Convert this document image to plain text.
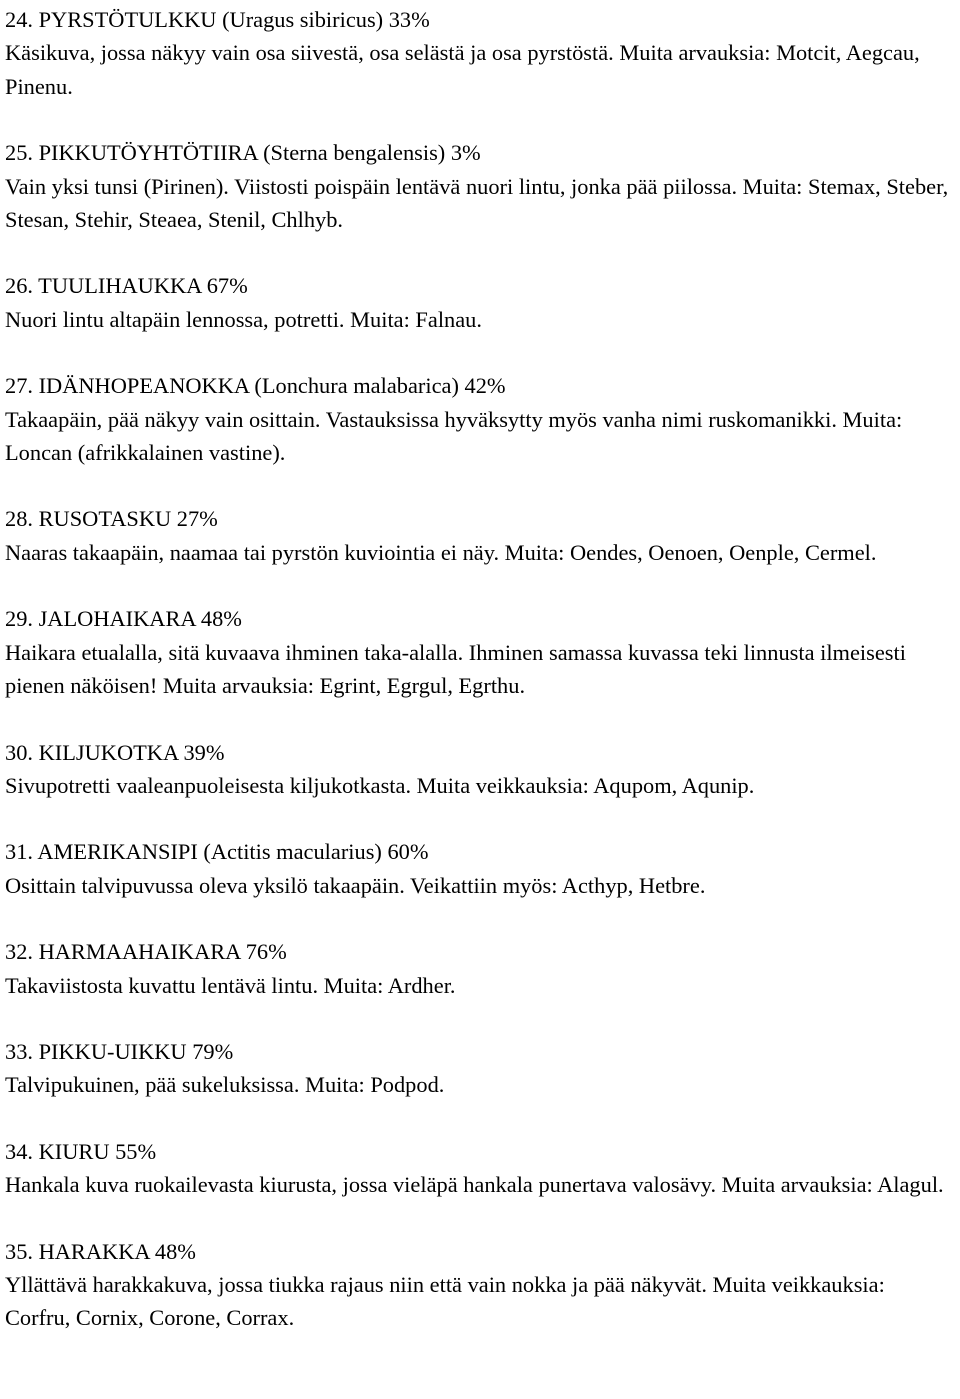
24. PYRSTÖTULKKU (Uragus sibiricus) 33%

Käsikuva, jossa näkyy vain osa siivestä, osa selästä ja osa pyrstöstä. Muita arvauksia: Motcit, Aegcau, Pinenu.

25. PIKKUTÖYHTÖTIIRA (Sterna bengalensis) 3%

Vain yksi tunsi (Pirinen). Viistosti poispäin lentävä nuori lintu, jonka pää piilossa. Muita: Stemax, Steber, Stesan, Stehir, Steaea, Stenil, Chlhyb.

26. TUULIHAUKKA 67%

Nuori lintu altapäin lennossa, potretti. Muita: Falnau.

27. IDÄNHOPEANOKKA (Lonchura malabarica) 42%

Takaapäin, pää näkyy vain osittain. Vastauksissa hyväksytty myös vanha nimi ruskomanikki. Muita: Loncan (afrikkalainen vastine).

28. RUSOTASKU 27%

Naaras takaapäin, naamaa tai pyrstön kuviointia ei näy. Muita: Oendes, Oenoen, Oenple, Cermel.

29. JALOHAIKARA 48%

Haikara etualalla, sitä kuvaava ihminen taka-alalla. Ihminen samassa kuvassa teki linnusta ilmeisesti pienen näköisen! Muita arvauksia: Egrint, Egrgul, Egrthu.

30. KILJUKOTKA 39%

Sivupotretti vaaleanpuoleisesta kiljukotkasta. Muita veikkauksia: Aqupom, Aqunip.

31. AMERIKANSIPI (Actitis macularius) 60%

Osittain talvipuvussa oleva yksilö takaapäin. Veikattiin myös: Acthyp, Hetbre.

32. HARMAAHAIKARA 76%

Takaviistosta kuvattu lentävä lintu. Muita: Ardher.

33. PIKKU-UIKKU 79%

Talvipukuinen, pää sukeluksissa. Muita: Podpod.

34. KIURU 55%

Hankala kuva ruokailevasta kiurusta, jossa vieläpä hankala punertava valosävy. Muita arvauksia: Alagul.

35. HARAKKA 48%

Yllättävä harakkakuva, jossa tiukka rajaus niin että vain nokka ja pää näkyvät. Muita veikkauksia: Corfru, Cornix, Corone, Corrax.
